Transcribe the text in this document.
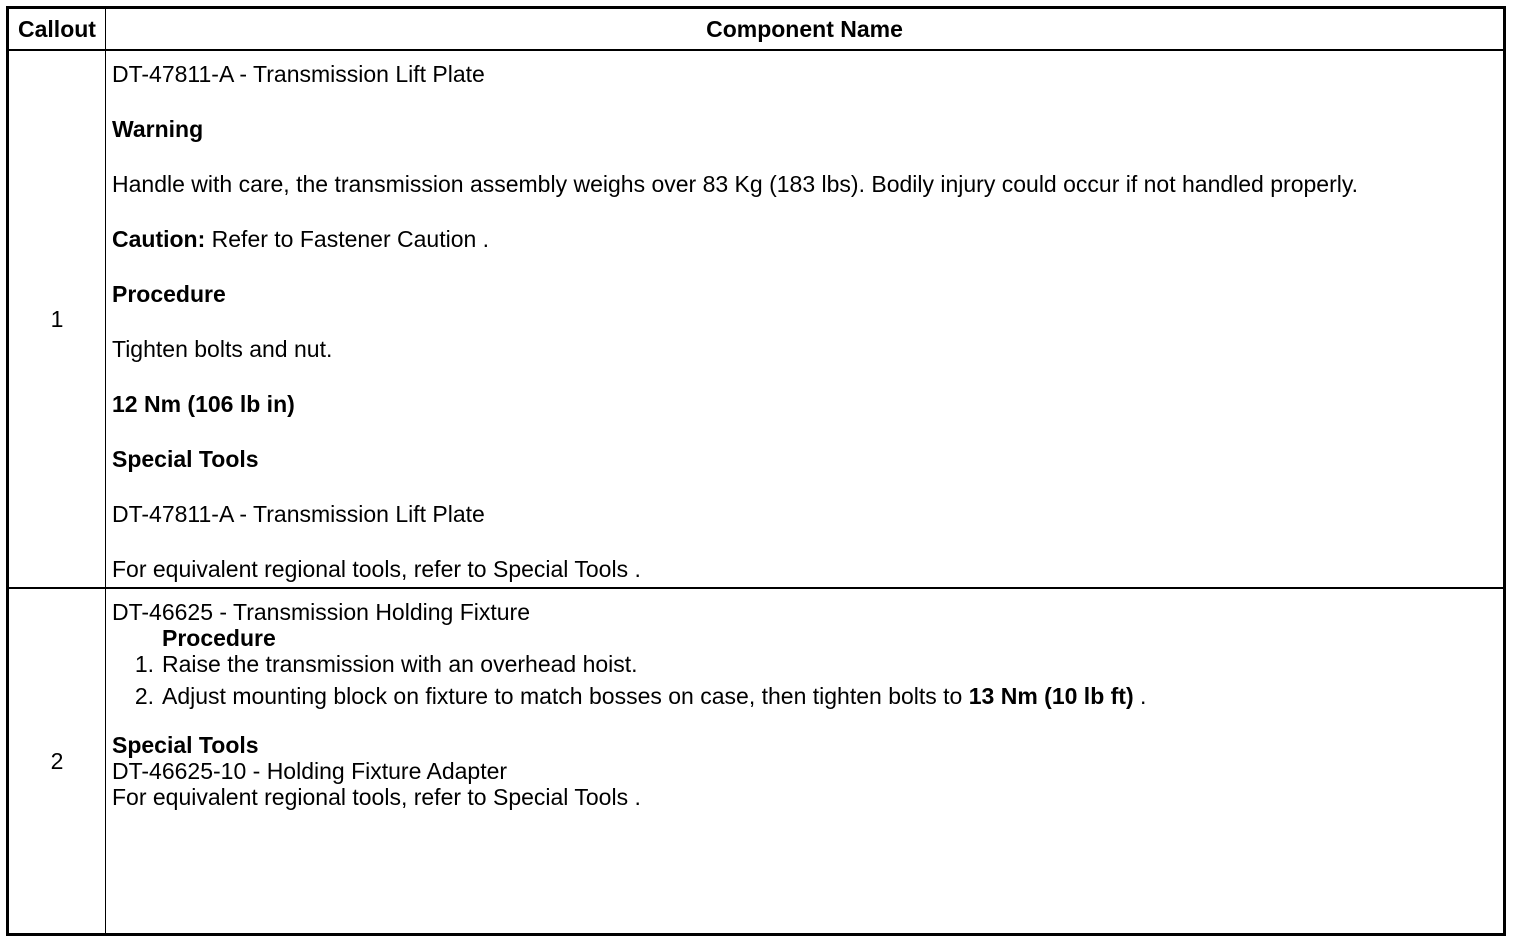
Callout	Component Name
1

DT-47811-A - Transmission Lift Plate

Warning

Handle with care, the transmission assembly weighs over 83 Kg (183 lbs). Bodily injury could occur if not handled properly.

Caution: Refer to Fastener Caution .

Procedure

Tighten bolts and nut.

12 Nm (106 lb in)

Special Tools

DT-47811-A - Transmission Lift Plate

For equivalent regional tools, refer to Special Tools .

2

DT-46625 - Transmission Holding Fixture

Procedure

1. Raise the transmission with an overhead hoist.
2. Adjust mounting block on fixture to match bosses on case, then tighten bolts to 13 Nm (10 lb ft) .

Special Tools

DT-46625-10 - Holding Fixture Adapter

For equivalent regional tools, refer to Special Tools .
